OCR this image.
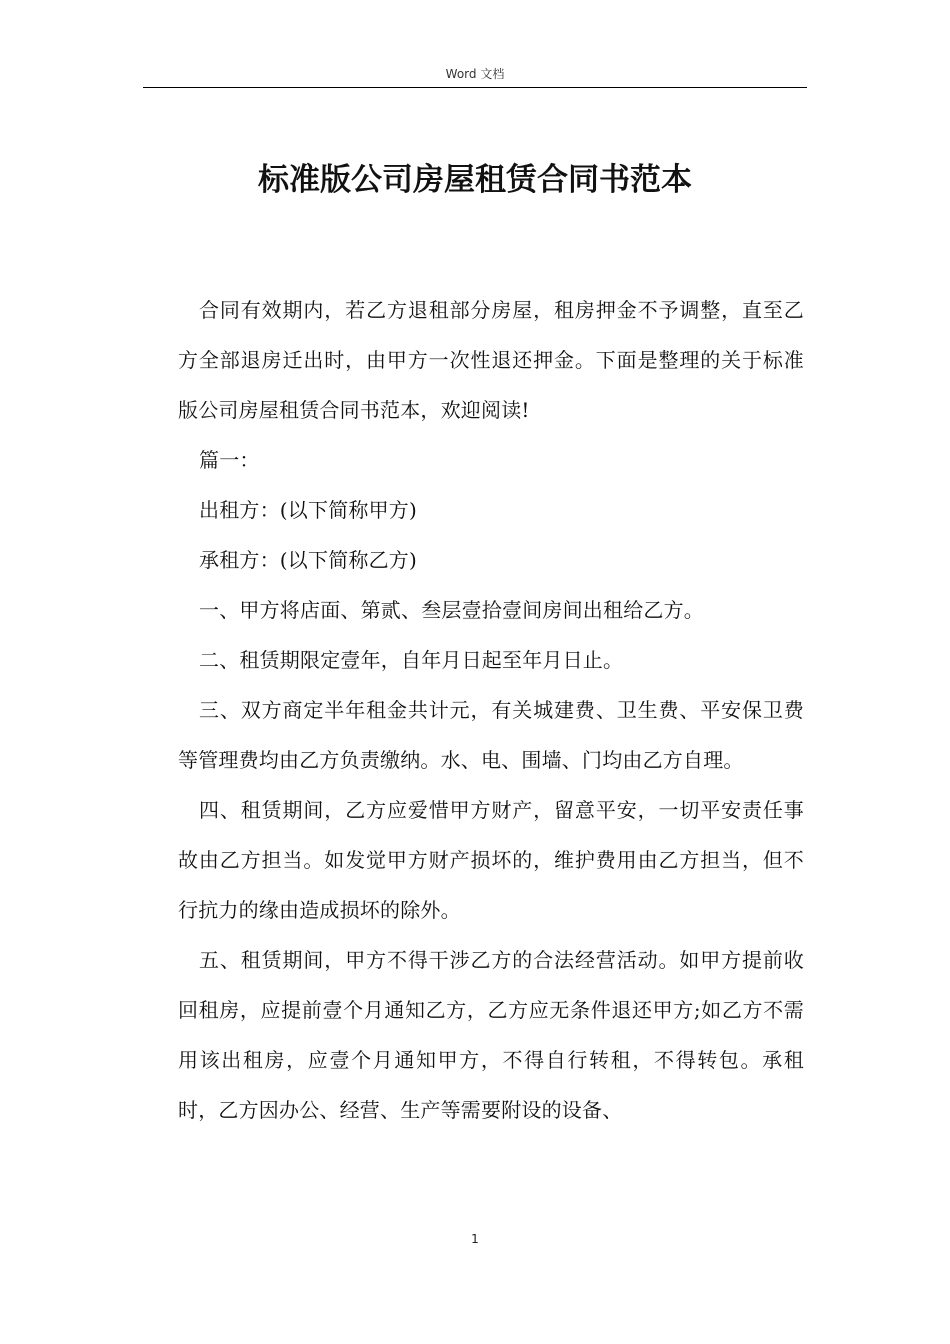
Word 文档
标准版公司房屋租赁合同书范本

合同有效期内，若乙方退租部分房屋，租房押金不予调整，直至乙方全部退房迁出时，由甲方一次性退还押金。下面是整理的关于标准版公司房屋租赁合同书范本，欢迎阅读!

篇一：

出租方：(以下简称甲方)

承租方：(以下简称乙方)

一、甲方将店面、第贰、叁层壹拾壹间房间出租给乙方。

二、租赁期限定壹年，自年月日起至年月日止。

三、双方商定半年租金共计元，有关城建费、卫生费、平安保卫费等管理费均由乙方负责缴纳。水、电、围墙、门均由乙方自理。

四、租赁期间，乙方应爱惜甲方财产，留意平安，一切平安责任事故由乙方担当。如发觉甲方财产损坏的，维护费用由乙方担当，但不行抗力的缘由造成损坏的除外。

五、租赁期间，甲方不得干涉乙方的合法经营活动。如甲方提前收回租房，应提前壹个月通知乙方，乙方应无条件退还甲方;如乙方不需用该出租房，应壹个月通知甲方，不得自行转租，不得转包。承租时，乙方因办公、经营、生产等需要附设的设备、

1
